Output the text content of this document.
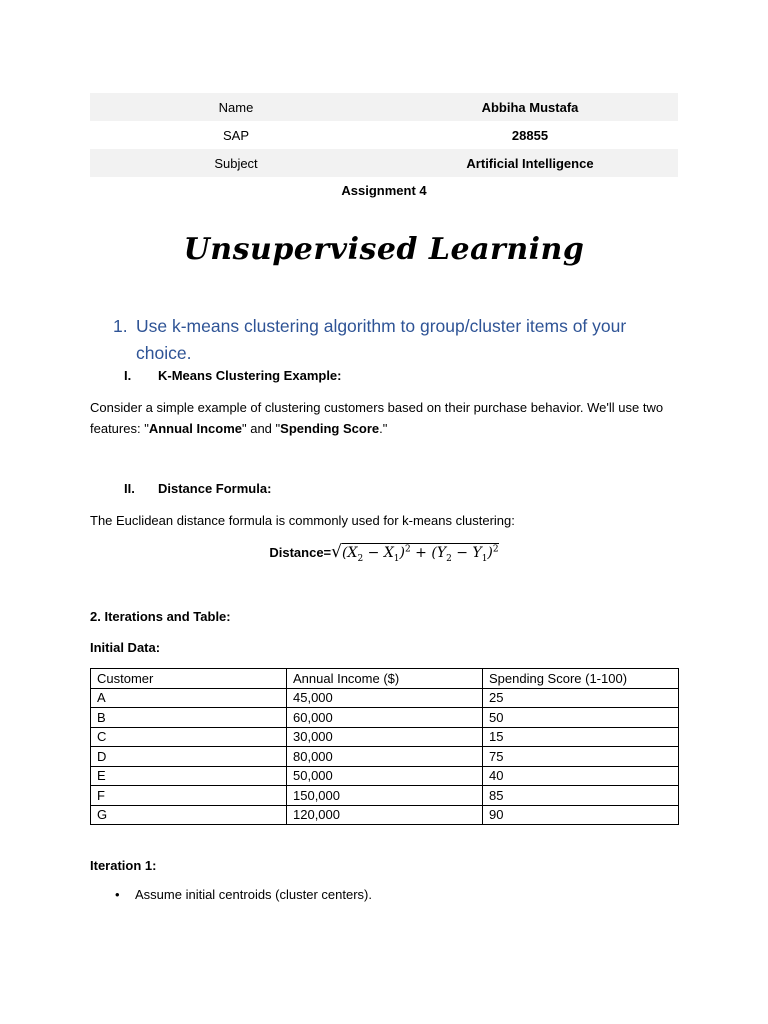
Name	Abbiha Mustafa
SAP	28855
Subject	Artificial Intelligence
Assignment 4
Unsupervised Learning
1. Use k-means clustering algorithm to group/cluster items of your choice.
I. K-Means Clustering Example:
Consider a simple example of clustering customers based on their purchase behavior. We'll use two features: "Annual Income" and "Spending Score."
II. Distance Formula:
The Euclidean distance formula is commonly used for k-means clustering:
$Distance=√(X_2 - X_1)^2 + (Y_2 - Y_1)^2$
2. Iterations and Table:
Initial Data:
Customer	Annual Income ($)	Spending Score (1-100)
A	45,000	25
B	60,000	50
C	30,000	15
D	80,000	75
E	50,000	40
F	150,000	85
G	120,000	90
Iteration 1:
• Assume initial centroids (cluster centers).
